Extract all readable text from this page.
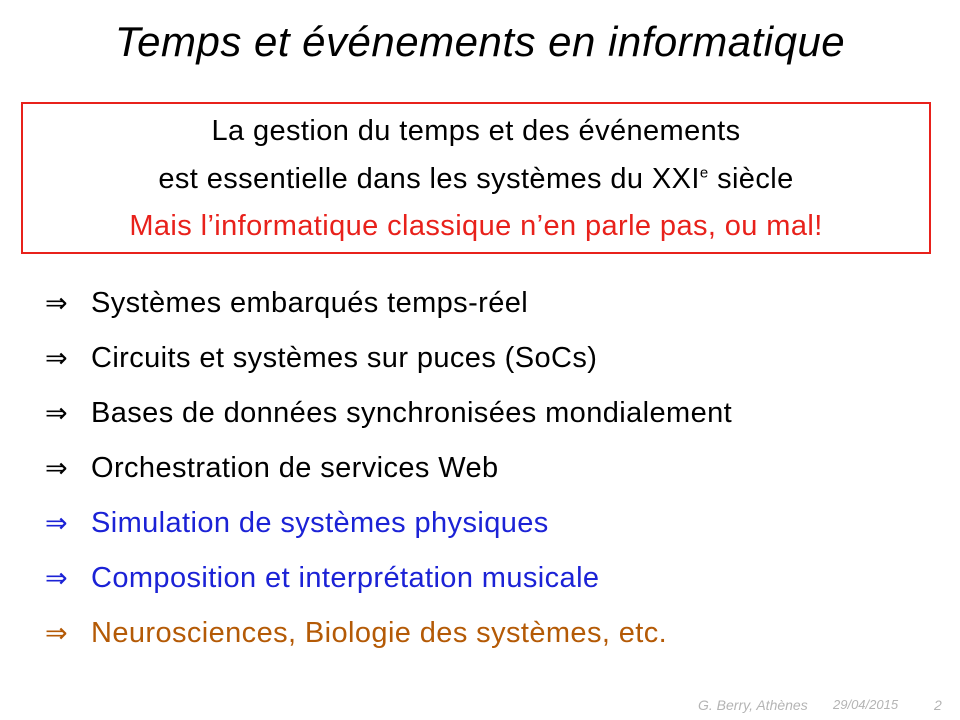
Temps et événements en informatique
La gestion du temps et des événements
est essentielle dans les systèmes du XXIe siècle
Mais l’informatique classique n’en parle pas, ou mal!
⇒ Systèmes embarqués temps-réel
⇒ Circuits et systèmes sur puces (SoCs)
⇒ Bases de données synchronisées mondialement
⇒ Orchestration de services Web
⇒ Simulation de systèmes physiques
⇒ Composition et interprétation musicale
⇒ Neurosciences, Biologie des systèmes, etc.
G. Berry, Athènes 29/04/2015	2
